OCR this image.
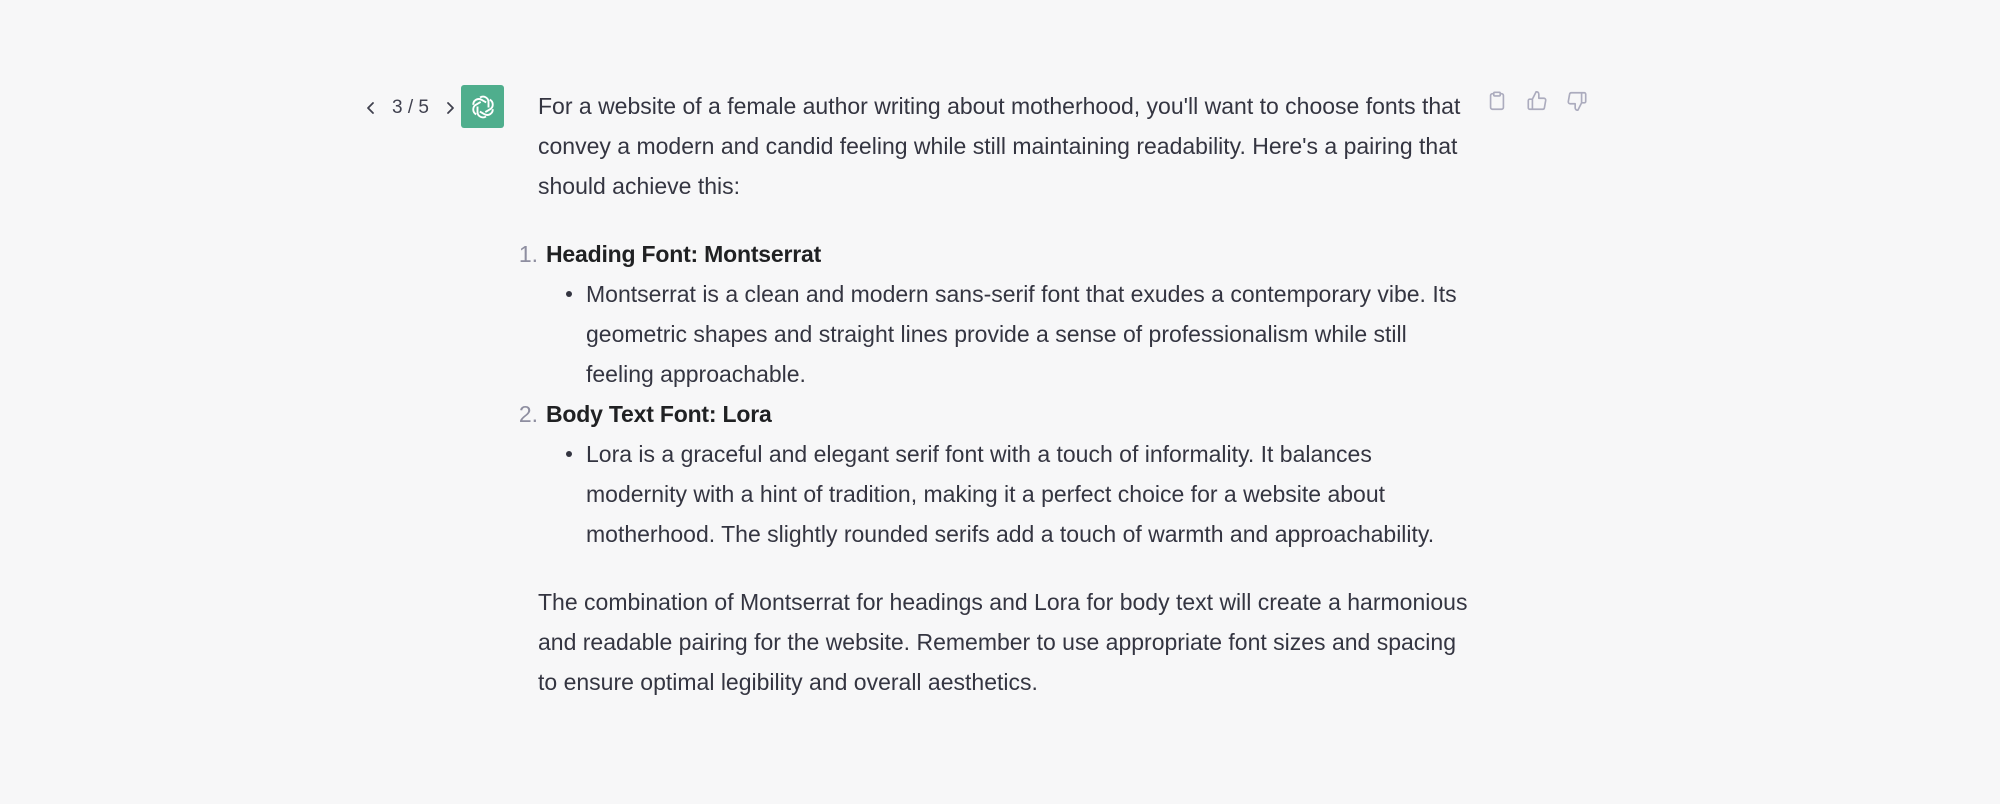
3 / 5	For a website of a female author writing about motherhood, you'll want to choose fonts that convey a modern and candid feeling while still maintaining readability. Here's a pairing that should achieve this:

1. Heading Font: Montserrat
Montserrat is a clean and modern sans-serif font that exudes a contemporary vibe. Its geometric shapes and straight lines provide a sense of professionalism while still feeling approachable.
2. Body Text Font: Lora
Lora is a graceful and elegant serif font with a touch of informality. It balances modernity with a hint of tradition, making it a perfect choice for a website about motherhood. The slightly rounded serifs add a touch of warmth and approachability.

The combination of Montserrat for headings and Lora for body text will create a harmonious and readable pairing for the website. Remember to use appropriate font sizes and spacing to ensure optimal legibility and overall aesthetics.
